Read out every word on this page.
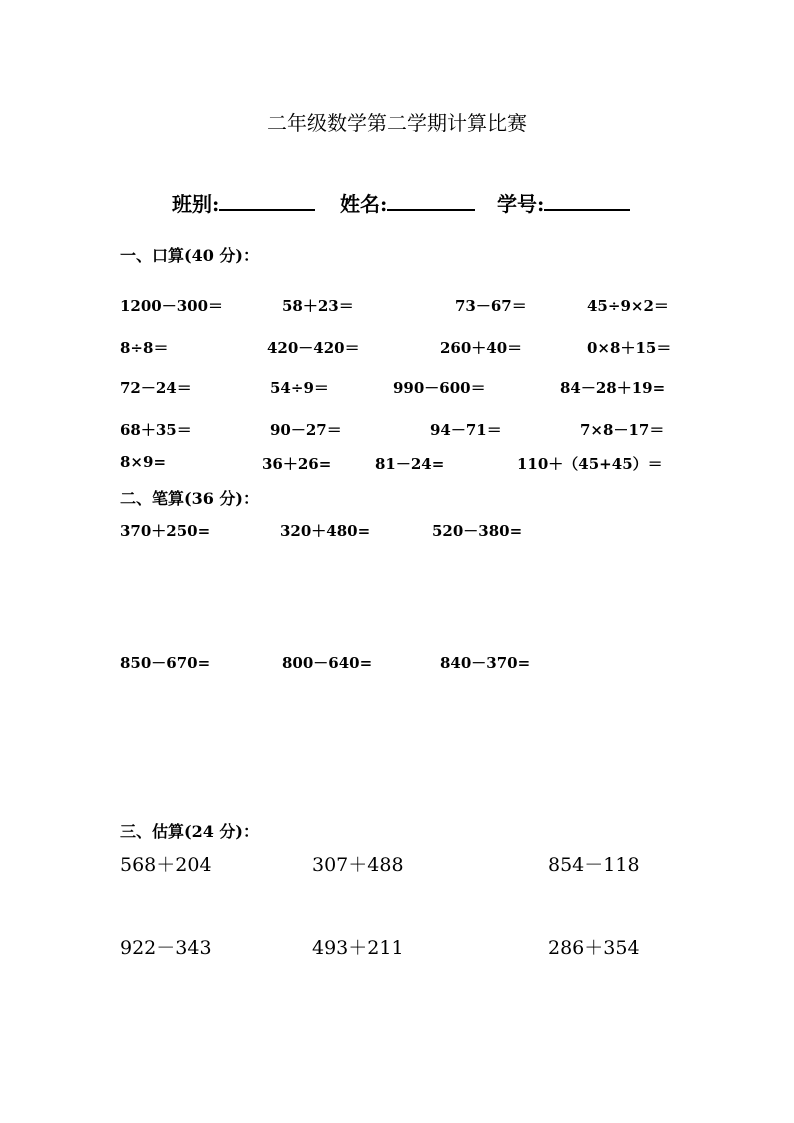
二年级数学第二学期计算比赛
班别:	姓名:	学号:
一、口算(40 分)：
1200－300＝	58＋23＝	73－67＝	45÷9×2＝
8÷8＝	420－420＝	260＋40＝	0×8＋15＝
72－24＝	54÷9＝	990－600＝	84－28＋19=
68＋35＝	90－27＝	94－71＝	7×8－17＝
8×9=	36＋26=	81－24=	110＋（45+45）＝
二、笔算(36 分)：
370＋250=	320＋480=	520－380=
850－670=	800－640=	840－370=
三、估算(24 分)：
568＋204	307＋488	854－118
922－343	493＋211	286＋354
